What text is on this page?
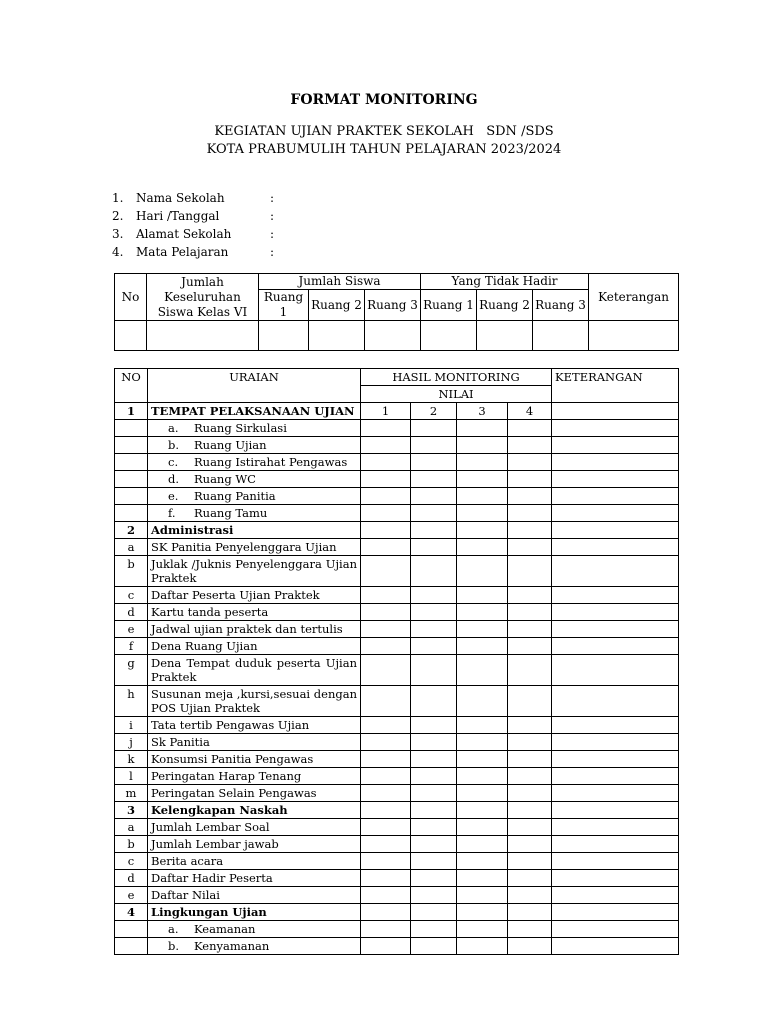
FORMAT MONITORING
KEGIATAN UJIAN PRAKTEK SEKOLAH   SDN /SDS
KOTA PRABUMULIH TAHUN PELAJARAN 2023/2024
1.	Nama Sekolah	:
2.	Hari /Tanggal	:
3.	Alamat Sekolah	:
4.	Mata Pelajaran	:
No	Jumlah Keseluruhan Siswa Kelas VI	Jumlah Siswa			Yang Tidak Hadir			Keterangan
		Ruang 1	Ruang 2	Ruang 3	Ruang 1	Ruang 2	Ruang 3	

NO	URAIAN	HASIL MONITORING				KETERANGAN
		NILAI				
1	TEMPAT PELAKSANAAN UJIAN	1	2	3	4	
	a. Ruang Sirkulasi					
	b. Ruang Ujian					
	c. Ruang Istirahat Pengawas					
	d. Ruang WC					
	e. Ruang Panitia					
	f. Ruang Tamu					
2	Administrasi					
a	SK Panitia Penyelenggara Ujian					
b	Juklak /Juknis Penyelenggara Ujian Praktek					
c	Daftar Peserta Ujian Praktek					
d	Kartu tanda peserta					
e	Jadwal ujian praktek dan tertulis					
f	Dena Ruang Ujian					
g	Dena Tempat duduk peserta Ujian Praktek					
h	Susunan meja ,kursi,sesuai dengan POS Ujian Praktek					
i	Tata tertib Pengawas Ujian					
j	Sk Panitia					
k	Konsumsi Panitia Pengawas					
l	Peringatan Harap Tenang					
m	Peringatan Selain Pengawas					
3	Kelengkapan Naskah					
a	Jumlah Lembar Soal					
b	Jumlah Lembar jawab					
c	Berita acara					
d	Daftar Hadir Peserta					
e	Daftar Nilai					
4	Lingkungan Ujian					
	a. Keamanan					
	b. Kenyamanan					
